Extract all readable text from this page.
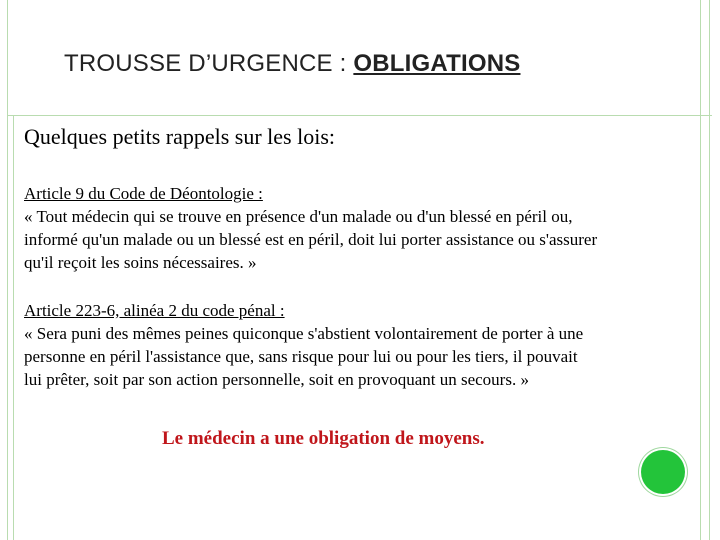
TROUSSE D’URGENCE : OBLIGATIONS
Quelques petits rappels sur les lois:
Article 9 du Code de Déontologie :
« Tout médecin qui se trouve en présence d'un malade ou d'un blessé en péril ou,
informé qu'un malade ou un blessé est en péril, doit lui porter assistance ou s'assurer
qu'il reçoit les soins nécessaires. »
Article 223-6, alinéa 2 du code pénal :
« Sera puni des mêmes peines quiconque s'abstient volontairement de porter à une
personne en péril l'assistance que, sans risque pour lui ou pour les tiers, il pouvait
lui prêter, soit par son action personnelle, soit en provoquant un secours. »
Le médecin a une obligation de moyens.
